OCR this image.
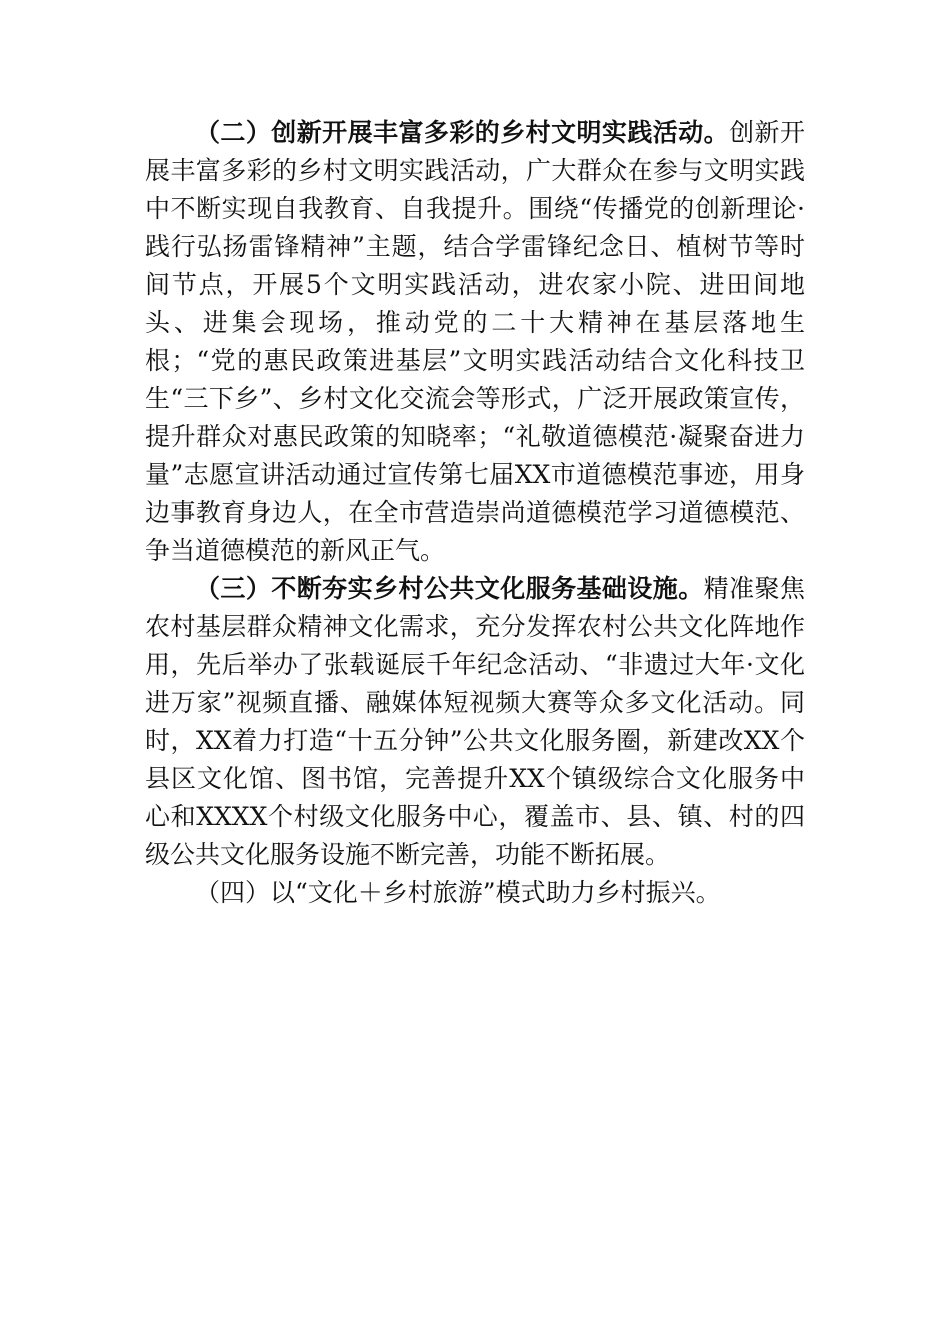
（二）创新开展丰富多彩的乡村文明实践活动。创新开展丰富多彩的乡村文明实践活动，广大群众在参与文明实践中不断实现自我教育、自我提升。围绕“传播党的创新理论·践行弘扬雷锋精神”主题，结合学雷锋纪念日、植树节等时间节点，开展5个文明实践活动，进农家小院、进田间地头、进集会现场，推动党的二十大精神在基层落地生根；“党的惠民政策进基层”文明实践活动结合文化科技卫生“三下乡”、乡村文化交流会等形式，广泛开展政策宣传，提升群众对惠民政策的知晓率；“礼敬道德模范·凝聚奋进力量”志愿宣讲活动通过宣传第七届XX市道德模范事迹，用身边事教育身边人，在全市营造崇尚道德模范学习道德模范、争当道德模范的新风正气。

（三）不断夯实乡村公共文化服务基础设施。精准聚焦农村基层群众精神文化需求，充分发挥农村公共文化阵地作用，先后举办了张载诞辰千年纪念活动、“非遗过大年·文化进万家”视频直播、融媒体短视频大赛等众多文化活动。同时，XX着力打造“十五分钟”公共文化服务圈，新建改XX个县区文化馆、图书馆，完善提升XX个镇级综合文化服务中心和XXXX个村级文化服务中心，覆盖市、县、镇、村的四级公共文化服务设施不断完善，功能不断拓展。

（四）以“文化＋乡村旅游”模式助力乡村振兴。
